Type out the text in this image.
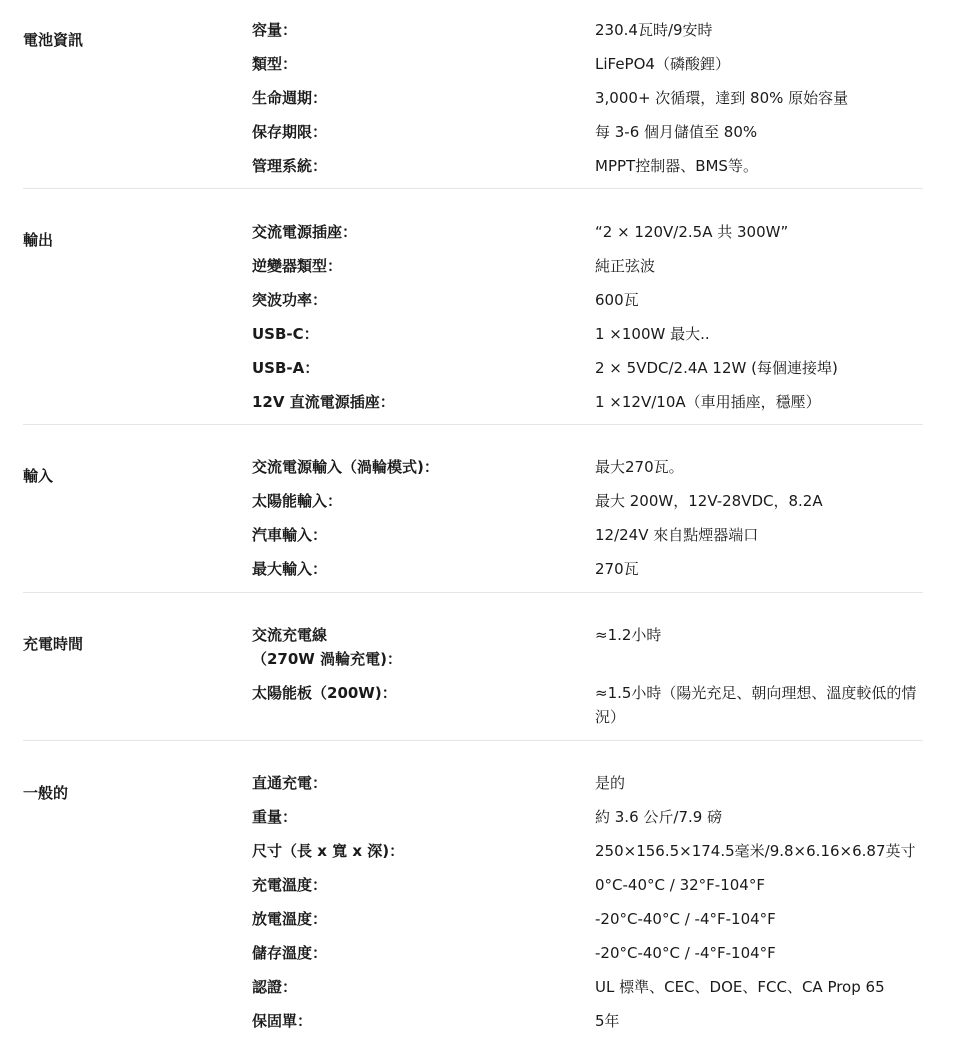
電池資訊
容量：	230.4瓦時/9安時
類型：	LiFePO4（磷酸鋰）
生命週期：	3,000+ 次循環，達到 80% 原始容量
保存期限：	每 3-6 個月儲值至 80%
管理系統：	MPPT控制器、BMS等。
輸出	交流電源插座：	“2 × 120V/2.5A 共 300W”
逆變器類型：	純正弦波
突波功率：	600瓦
USB-C：	1 ×100W 最大..
USB-A：	2 × 5VDC/2.4A 12W (每個連接埠)
12V 直流電源插座：	1 ×12V/10A（車用插座，穩壓）
輸入	交流電源輸入（渦輪模式)：	最大270瓦。
太陽能輸入：	最大 200W，12V-28VDC，8.2A
汽車輸入：	12/24V 來自點煙器端口
最大輸入：	270瓦
充電時間	交流充電線
（270W 渦輪充電)：
≈1.2小時
太陽能板（200W)：	≈1.5小時（陽光充足、朝向理想、溫度較低的情況）
一般的
直通充電：	是的
重量：	約 3.6 公斤/7.9 磅
尺寸（長 x 寬 x 深)：	250×156.5×174.5毫米/9.8×6.16×6.87英寸
充電溫度：	0°C-40°C / 32°F-104°F
放電溫度：	-20°C-40°C / -4°F-104°F
儲存溫度：	-20°C-40°C / -4°F-104°F
認證：	UL 標準、CEC、DOE、FCC、CA Prop 65
保固單：	5年
